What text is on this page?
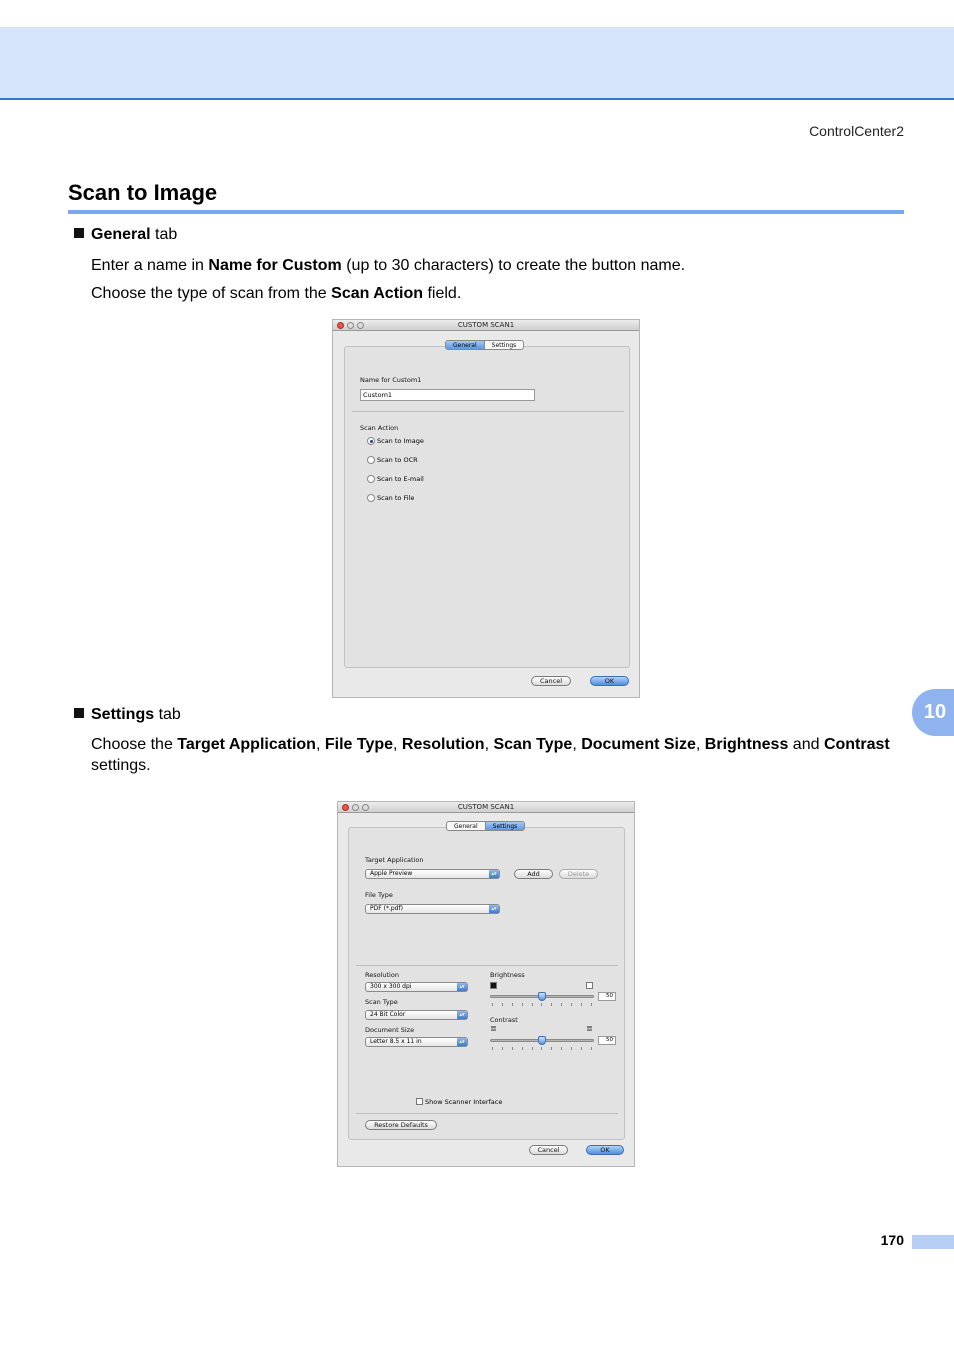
ControlCenter2
Scan to Image
General tab
Enter a name in Name for Custom (up to 30 characters) to create the button name.
Choose the type of scan from the Scan Action field.
CUSTOM SCAN1
General	Settings
Name for Custom1
Custom1
Scan Action
Scan to Image
Scan to OCR
Scan to E-mail
Scan to File
Cancel	OK
Settings tab
Choose the Target Application, File Type, Resolution, Scan Type, Document Size, Brightness and Contrast settings.
CUSTOM SCAN1
General	Settings
Target Application
Apple Preview	▴▾	Add	Delete
File Type
PDF (*.pdf)	▴▾
Resolution
300 x 300 dpi	▴▾
Scan Type
24 Bit Color	▴▾
Document Size
Letter 8.5 x 11 in	▴▾
Brightness
50
Contrast
≣	≣
50
Show Scanner Interface
Restore Defaults
Cancel	OK
10
170
